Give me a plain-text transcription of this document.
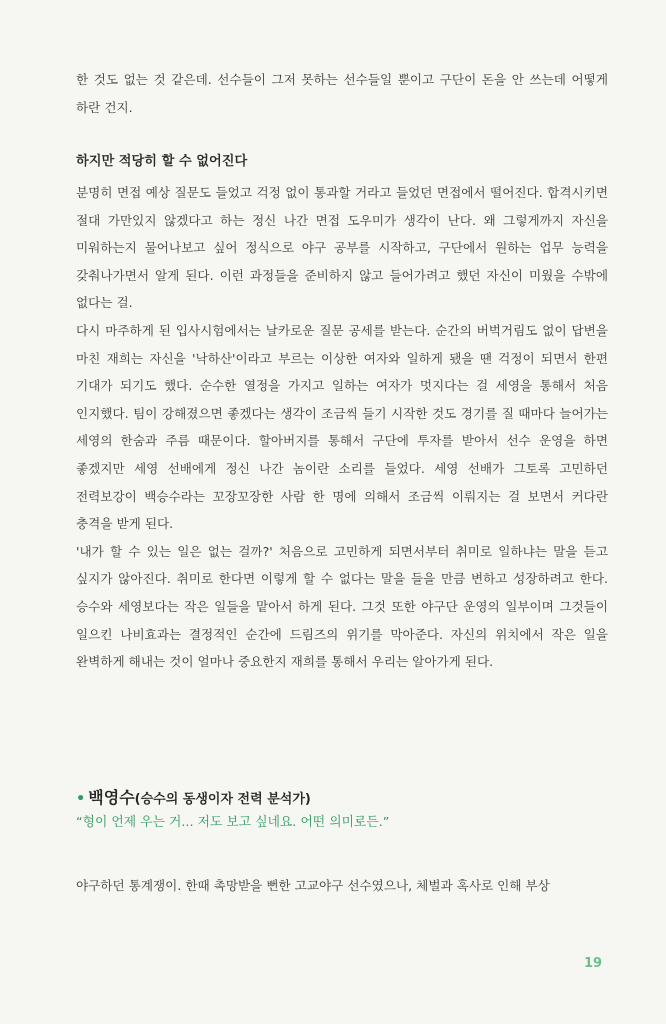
한 것도 없는 것 같은데. 선수들이 그저 못하는 선수들일 뿐이고 구단이 돈을 안 쓰는데 어떻게 하란 건지.
하지만 적당히 할 수 없어진다

분명히 면접 예상 질문도 들었고 걱정 없이 통과할 거라고 들었던 면접에서 떨어진다. 합격시키면 절대 가만있지 않겠다고 하는 정신 나간 면접 도우미가 생각이 난다. 왜 그렇게까지 자신을 미워하는지 물어나보고 싶어 정식으로 야구 공부를 시작하고, 구단에서 원하는 업무 능력을 갖춰나가면서 알게 된다. 이런 과정들을 준비하지 않고 들어가려고 했던 자신이 미웠을 수밖에 없다는 걸.

다시 마주하게 된 입사시험에서는 날카로운 질문 공세를 받는다. 순간의 버벅거림도 없이 답변을 마친 재희는 자신을 '낙하산'이라고 부르는 이상한 여자와 일하게 됐을 땐 걱정이 되면서 한편 기대가 되기도 했다. 순수한 열정을 가지고 일하는 여자가 멋지다는 걸 세영을 통해서 처음 인지했다. 팀이 강해졌으면 좋겠다는 생각이 조금씩 들기 시작한 것도 경기를 질 때마다 늘어가는 세영의 한숨과 주름 때문이다. 할아버지를 통해서 구단에 투자를 받아서 선수 운영을 하면 좋겠지만 세영 선배에게 정신 나간 놈이란 소리를 들었다. 세영 선배가 그토록 고민하던 전력보강이 백승수라는 꼬장꼬장한 사람 한 명에 의해서 조금씩 이뤄지는 걸 보면서 커다란 충격을 받게 된다.

'내가 할 수 있는 일은 없는 걸까?' 처음으로 고민하게 되면서부터 취미로 일하냐는 말을 듣고 싶지가 않아진다. 취미로 한다면 이렇게 할 수 없다는 말을 들을 만큼 변하고 성장하려고 한다. 승수와 세영보다는 작은 일들을 맡아서 하게 된다. 그것 또한 야구단 운영의 일부이며 그것들이 일으킨 나비효과는 결정적인 순간에 드림즈의 위기를 막아준다. 자신의 위치에서 작은 일을 완벽하게 해내는 것이 얼마나 중요한지 재희를 통해서 우리는 알아가게 된다.

• 백영수(승수의 동생이자 전력 분석가)
“형이 언제 우는 거... 저도 보고 싶네요. 어떤 의미로든.”
야구하던 통계쟁이. 한때 촉망받을 뻔한 고교야구 선수였으나, 체벌과 혹사로 인해 부상
19
